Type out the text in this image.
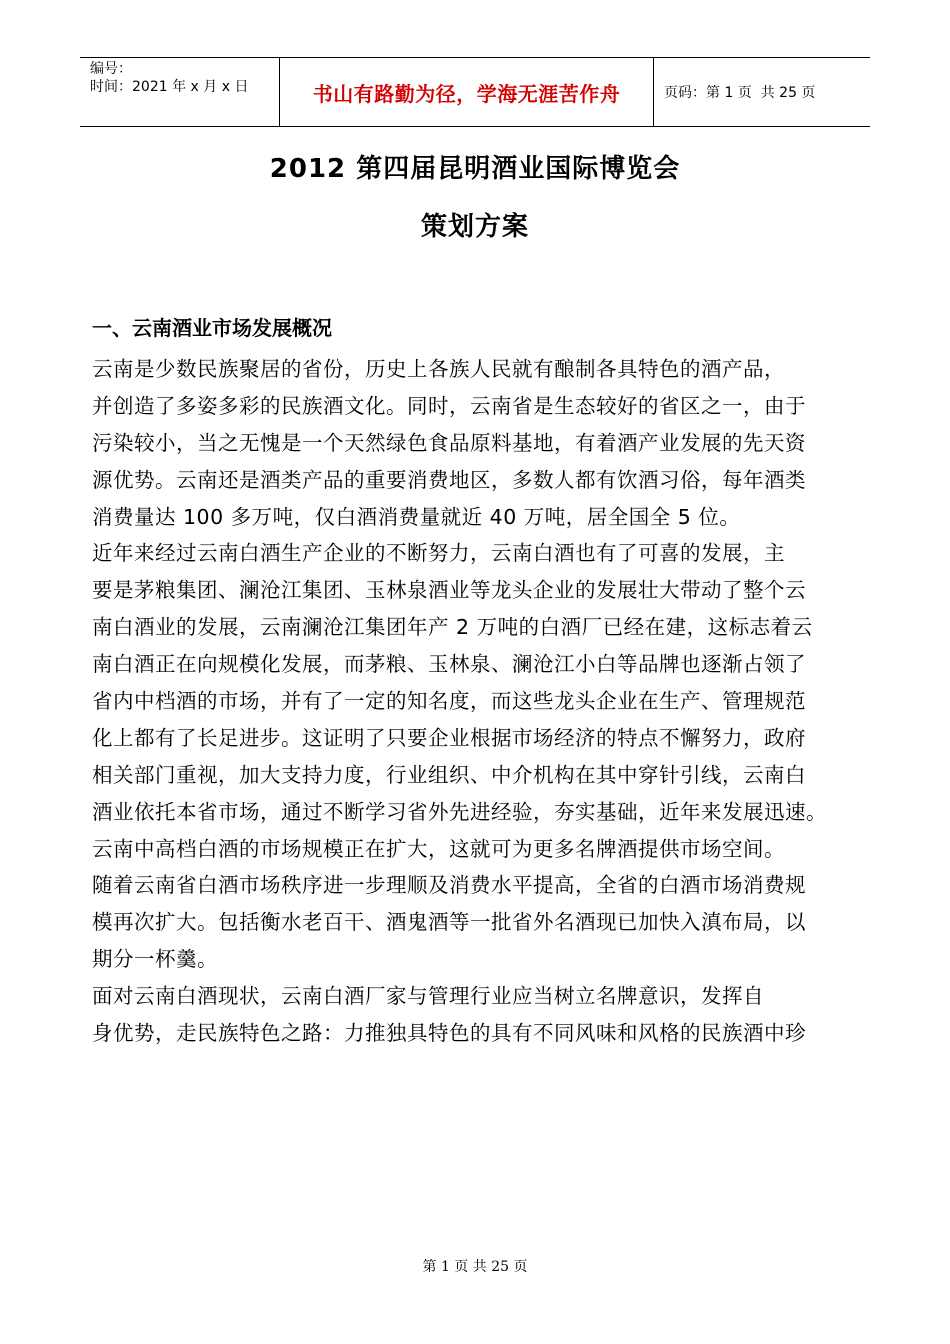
编号：
时间：2021 年 x 月 x 日	书山有路勤为径，学海无涯苦作舟	页码：第 1 页  共 25 页
2012 第四届昆明酒业国际博览会
策划方案
一、云南酒业市场发展概况
云南是少数民族聚居的省份，历史上各族人民就有酿制各具特色的酒产品，
并创造了多姿多彩的民族酒文化。同时，云南省是生态较好的省区之一，由于
污染较小，当之无愧是一个天然绿色食品原料基地，有着酒产业发展的先天资
源优势。云南还是酒类产品的重要消费地区，多数人都有饮酒习俗，每年酒类
消费量达 100 多万吨，仅白酒消费量就近 40 万吨，居全国全 5 位。
近年来经过云南白酒生产企业的不断努力，云南白酒也有了可喜的发展，主
要是茅粮集团、澜沧江集团、玉林泉酒业等龙头企业的发展壮大带动了整个云
南白酒业的发展，云南澜沧江集团年产 2 万吨的白酒厂已经在建，这标志着云
南白酒正在向规模化发展，而茅粮、玉林泉、澜沧江小白等品牌也逐渐占领了
省内中档酒的市场，并有了一定的知名度，而这些龙头企业在生产、管理规范
化上都有了长足进步。这证明了只要企业根据市场经济的特点不懈努力，政府
相关部门重视，加大支持力度，行业组织、中介机构在其中穿针引线，云南白
酒业依托本省市场，通过不断学习省外先进经验，夯实基础，近年来发展迅速。
云南中高档白酒的市场规模正在扩大，这就可为更多名牌酒提供市场空间。
随着云南省白酒市场秩序进一步理顺及消费水平提高，全省的白酒市场消费规
模再次扩大。包括衡水老百干、酒鬼酒等一批省外名酒现已加快入滇布局，以
期分一杯羹。
面对云南白酒现状，云南白酒厂家与管理行业应当树立名牌意识，发挥自
身优势，走民族特色之路：力推独具特色的具有不同风味和风格的民族酒中珍
第 1 页 共 25 页
